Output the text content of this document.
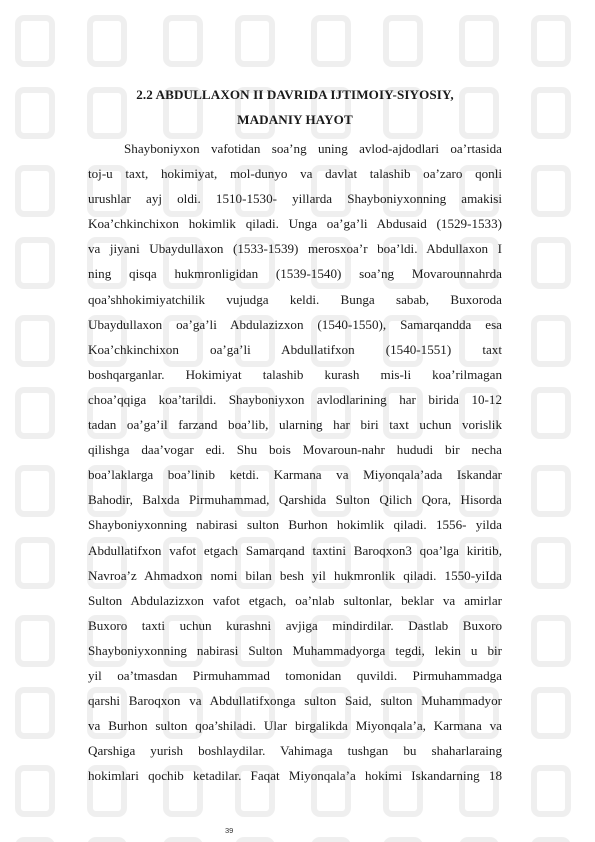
2.2 ABDULLAXON II DAVRIDA IJTIMOIY-SIYOSIY,
MADANIY HAYOT
Shayboniyxon vafotidan soa’ng uning avlod-ajdodlari oa’rtasida
toj-u taxt, hokimiyat, mol-dunyo va davlat talashib oa’zaro qonli
urushlar ayj oldi. 1510-1530- yillarda Shayboniyxonning amakisi
Koa’chkinchixon hokimlik qiladi. Unga oa’ga’li Abdusaid (1529-1533)
va jiyani Ubaydullaxon (1533-1539) merosxoa’r boa’ldi. Abdullaxon I
ning qisqa hukmronligidan (1539-1540) soa’ng Movarounnahrda
qoa’shhokimiyatchilik vujudga keldi. Bunga sabab, Buxoroda
Ubaydullaxon oa’ga’li Abdulazizxon (1540-1550), Samarqandda esa
Koa’chkinchixon oa’ga’li Abdullatifxon (1540-1551) taxt
boshqarganlar. Hokimiyat talashib kurash mis-li koa’rilmagan
choa’qqiga koa’tarildi. Shayboniyxon avlodlarining har birida 10-12
tadan oa’ga’il farzand boa’lib, ularning har biri taxt uchun vorislik
qilishga daa’vogar edi. Shu bois Movaroun-nahr hududi bir necha
boa’laklarga boa’linib ketdi. Karmana va Miyonqala’ada Iskandar
Bahodir, Balxda Pirmuhammad, Qarshida Sulton Qilich Qora, Hisorda
Shayboniyxonning nabirasi sulton Burhon hokimlik qiladi. 1556- yilda
Abdullatifxon vafot etgach Samarqand taxtini Baroqxon3 qoa’lga kiritib,
Navroa’z Ahmadxon nomi bilan besh yil hukmronlik qiladi. 1550-yiIda
Sulton Abdulazizxon vafot etgach, oa’nlab sultonlar, beklar va amirlar
Buxoro taxti uchun kurashni avjiga mindirdilar. Dastlab Buxoro
Shayboniyxonning nabirasi Sulton Muhammadyorga tegdi, lekin u bir
yil oa’tmasdan Pirmuhammad tomonidan quvildi. Pirmuhammadga
qarshi Baroqxon va Abdullatifxonga sulton Said, sulton Muhammadyor
va Burhon sulton qoa’shiladi. Ular birgalikda Miyonqala’a, Karmana va
Qarshiga yurish boshlaydilar. Vahimaga tushgan bu shaharlaraing
hokimlari qochib ketadilar. Faqat Miyonqala’a hokimi Iskandarning 18
39
